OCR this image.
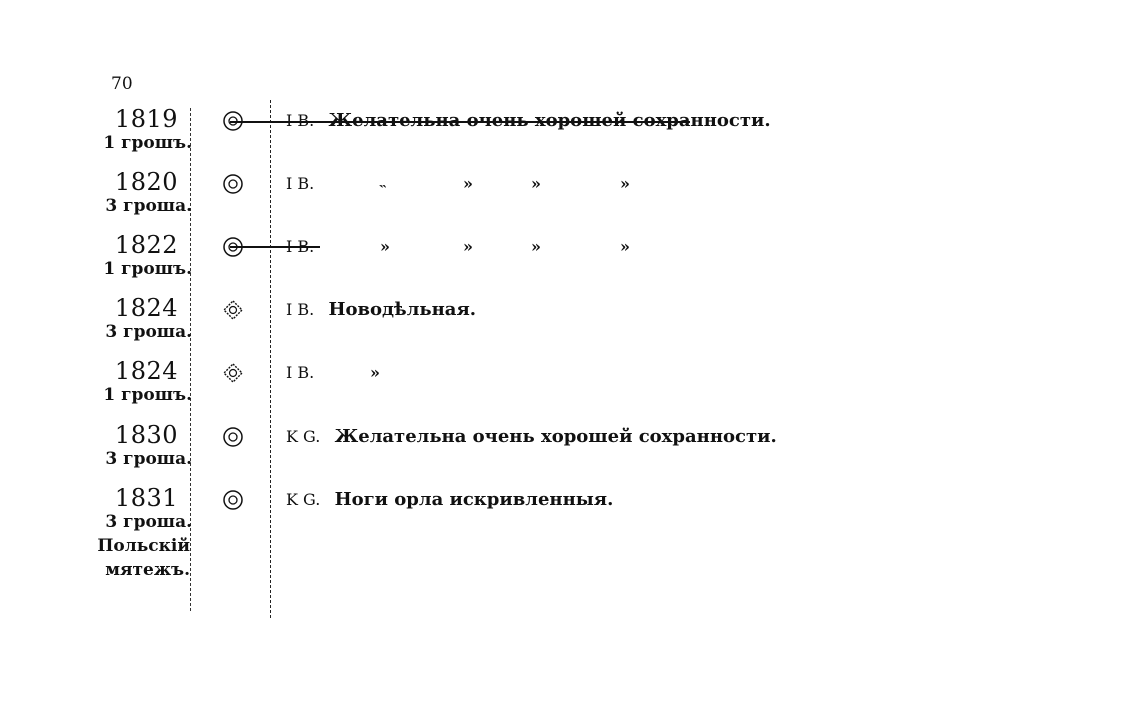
70
1819
1 грошъ.
I B. Желательна очень хорошей сохранности.
1820
3 гроша.
I B.	˵	»	»	»
1822
1 грошъ.
I B.	»	»	»	»
1824
3 гроша.
I B. Новодѣльная.
1824
1 грошъ.
I B.	»
1830
3 гроша.
K G. Желательна очень хорошей сохранности.
1831
3 гроша.
Польскій
мятежъ.
K G. Ноги орла искривленныя.
